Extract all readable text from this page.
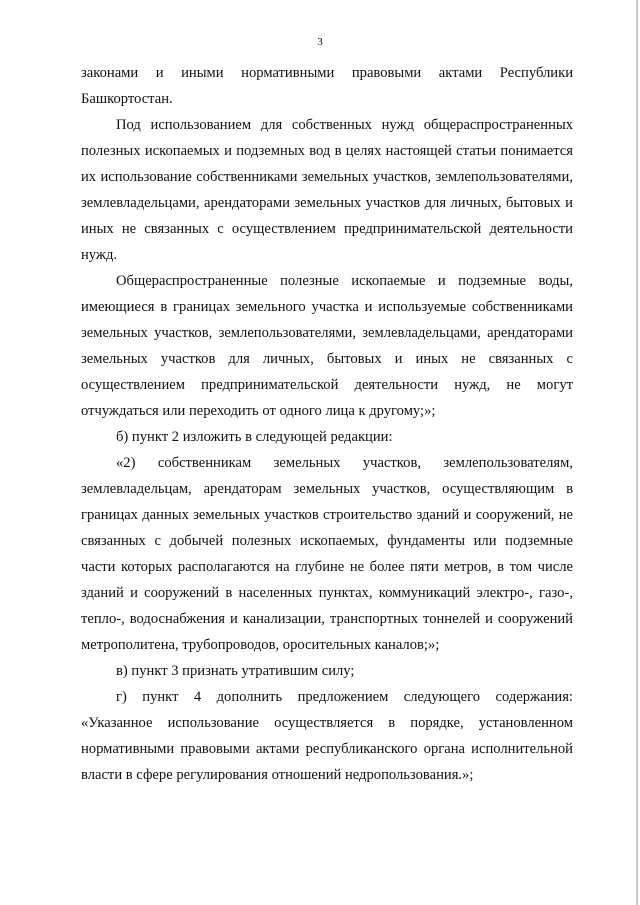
3

законами и иными нормативными правовыми актами Республики Башкортостан.

Под использованием для собственных нужд общераспространенных полезных ископаемых и подземных вод в целях настоящей статьи понимается их использование собственниками земельных участков, землепользователями, землевладельцами, арендаторами земельных участков для личных, бытовых и иных не связанных с осуществлением предпринимательской деятельности нужд.

Общераспространенные полезные ископаемые и подземные воды, имеющиеся в границах земельного участка и используемые собственниками земельных участков, землепользователями, землевладельцами, арендаторами земельных участков для личных, бытовых и иных не связанных с осуществлением предпринимательской деятельности нужд, не могут отчуждаться или переходить от одного лица к другому;»;

б) пункт 2 изложить в следующей редакции:

«2) собственникам земельных участков, землепользователям, землевладельцам, арендаторам земельных участков, осуществляющим в границах данных земельных участков строительство зданий и сооружений, не связанных с добычей полезных ископаемых, фундаменты или подземные части которых располагаются на глубине не более пяти метров, в том числе зданий и сооружений в населенных пунктах, коммуникаций электро-, газо-, тепло-, водоснабжения и канализации, транспортных тоннелей и сооружений метрополитена, трубопроводов, оросительных каналов;»;

в) пункт 3 признать утратившим силу;

г) пункт 4 дополнить предложением следующего содержания: «Указанное использование осуществляется в порядке, установленном нормативными правовыми актами республиканского органа исполнительной власти в сфере регулирования отношений недропользования.»;
